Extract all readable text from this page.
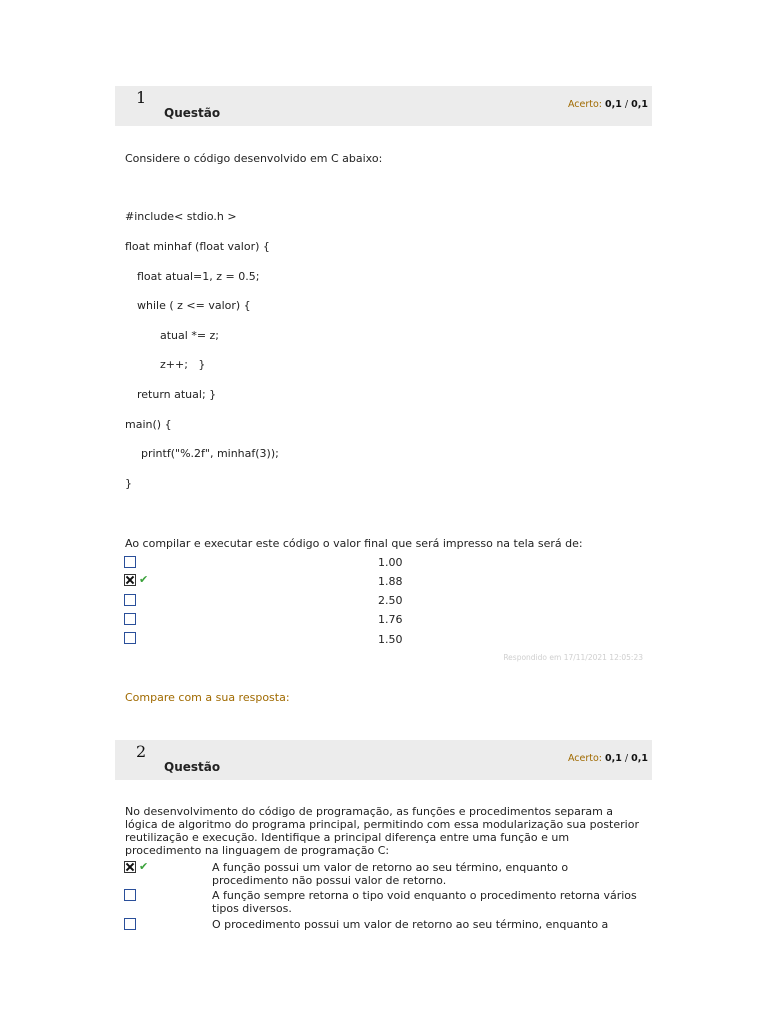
1
Questão
Acerto: 0,1 / 0,1
Considere o código desenvolvido em C abaixo:
#include< stdio.h >
float minhaf (float valor) {
float atual=1, z = 0.5;
while ( z <= valor) {
atual *= z;
z++;   }
return atual; }
main() {
printf("%.2f", minhaf(3));
}
Ao compilar e executar este código o valor final que será impresso na tela será de:
1.00
✔	1.88
2.50
1.76
1.50
Respondido em 17/11/2021 12:05:23
Compare com a sua resposta:
2
Questão
Acerto: 0,1 / 0,1
No desenvolvimento do código de programação, as funções e procedimentos separam a
lógica de algoritmo do programa principal, permitindo com essa modularização sua posterior
reutilização e execução. Identifique a principal diferença entre uma função e um
procedimento na linguagem de programação C:
✔	A função possui um valor de retorno ao seu término, enquanto o
procedimento não possui valor de retorno.
A função sempre retorna o tipo void enquanto o procedimento retorna vários
tipos diversos.
O procedimento possui um valor de retorno ao seu término, enquanto a
